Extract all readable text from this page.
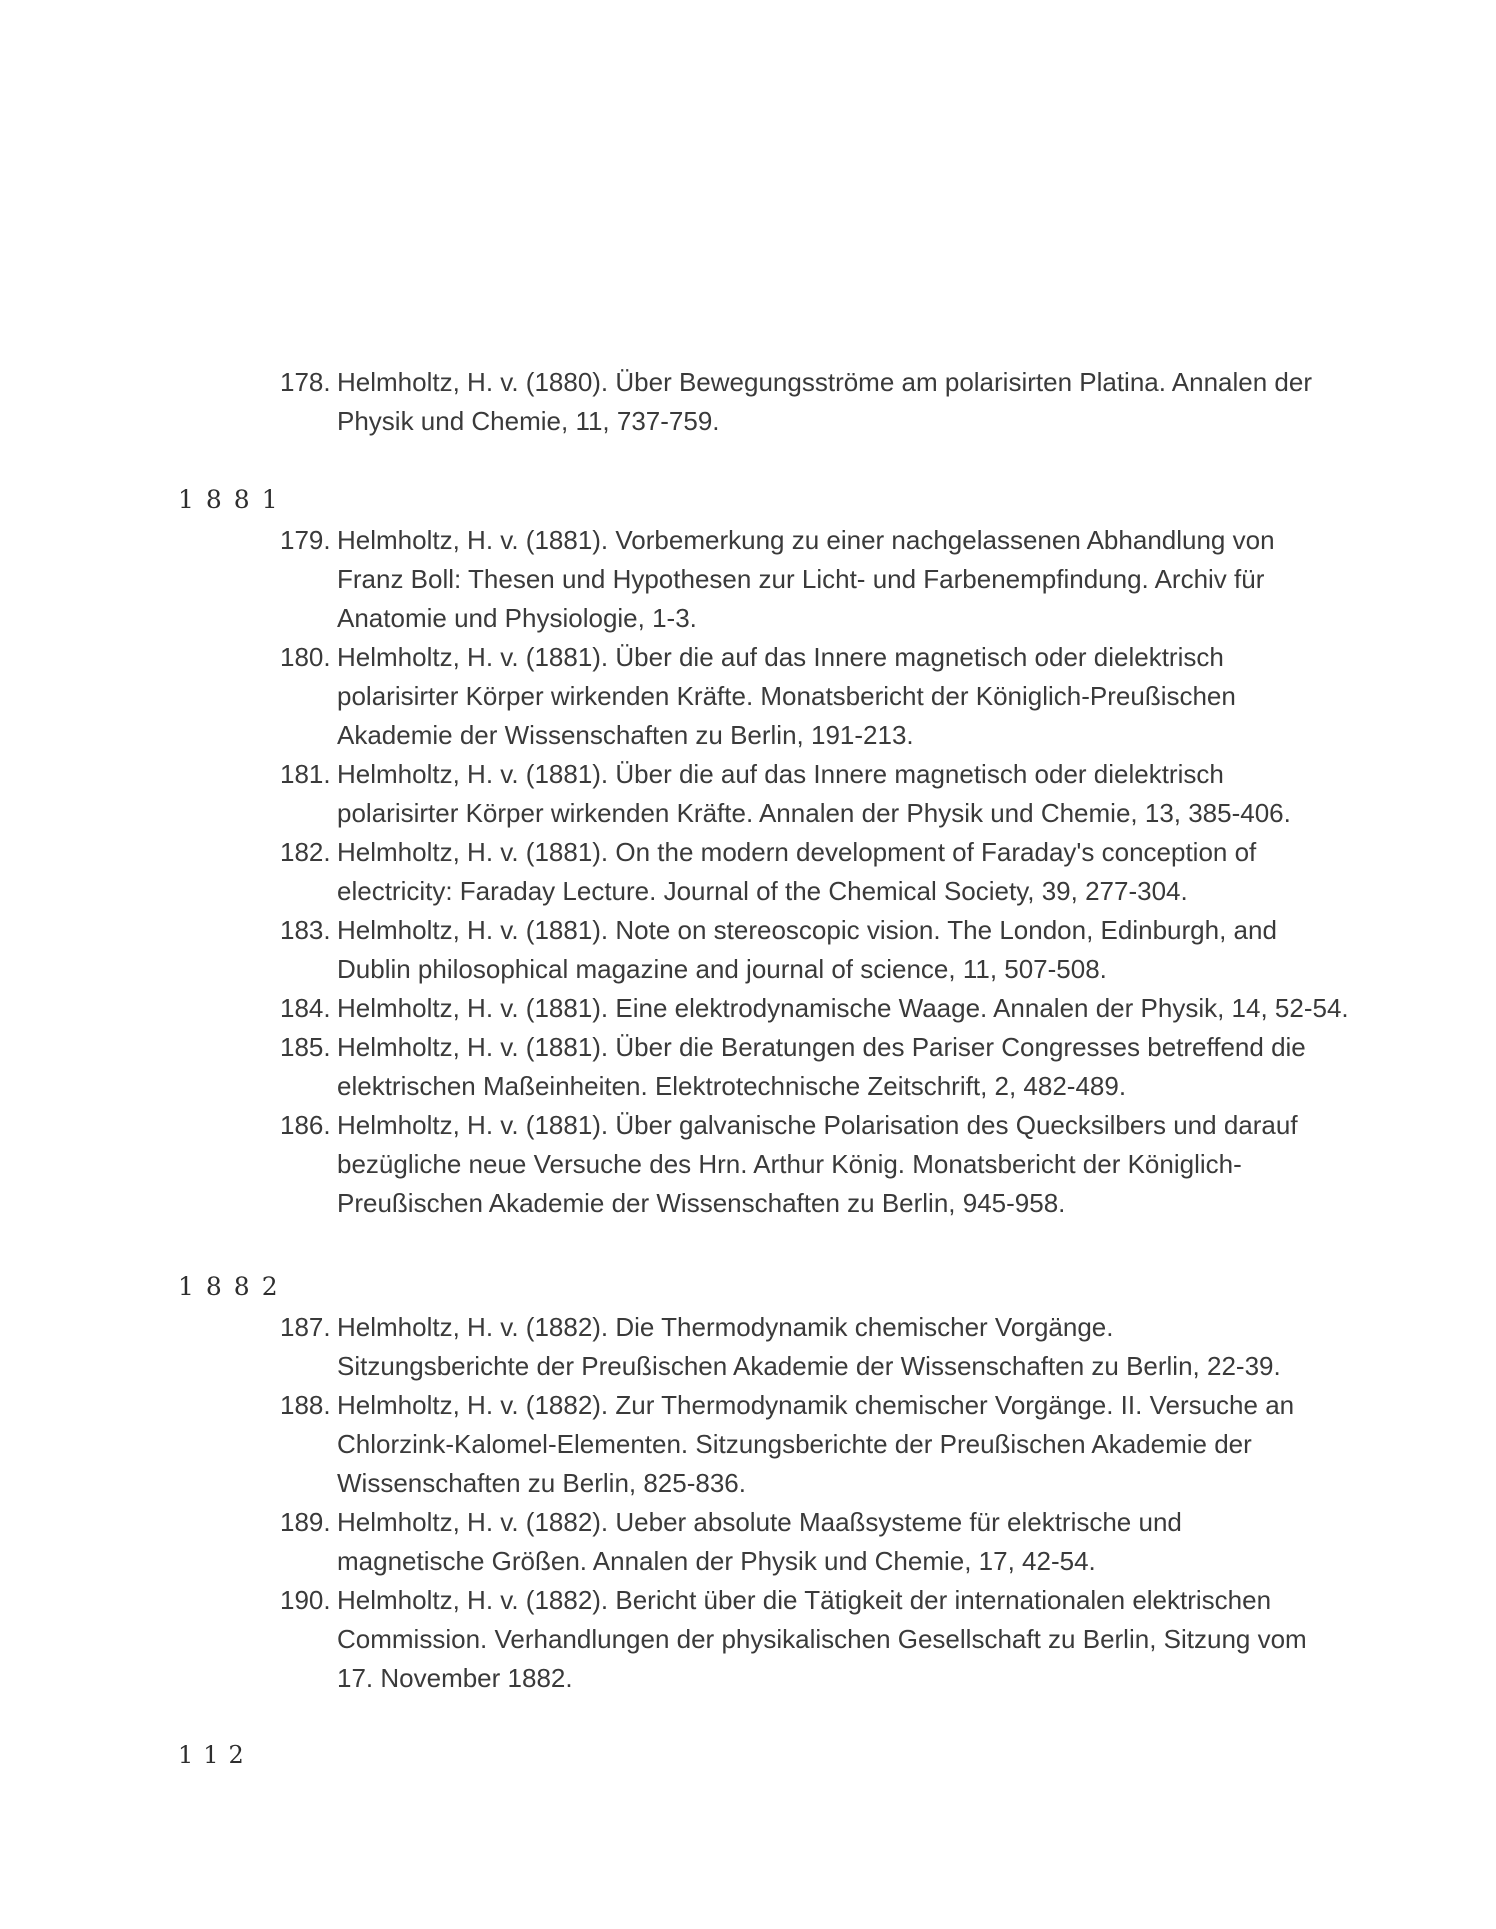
178. Helmholtz, H. v. (1880). Über Bewegungsströme am polarisirten Platina. Annalen der
Physik und Chemie, 11, 737-759.
1881
179. Helmholtz, H. v. (1881). Vorbemerkung zu einer nachgelassenen Abhandlung von
Franz Boll: Thesen und Hypothesen zur Licht- und Farbenempfindung. Archiv für
Anatomie und Physiologie, 1-3.
180. Helmholtz, H. v. (1881). Über die auf das Innere magnetisch oder dielektrisch
polarisirter Körper wirkenden Kräfte. Monatsbericht der Königlich-Preußischen
Akademie der Wissenschaften zu Berlin, 191-213.
181. Helmholtz, H. v. (1881). Über die auf das Innere magnetisch oder dielektrisch
polarisirter Körper wirkenden Kräfte. Annalen der Physik und Chemie, 13, 385-406.
182. Helmholtz, H. v. (1881). On the modern development of Faraday's conception of
electricity: Faraday Lecture. Journal of the Chemical Society, 39, 277-304.
183. Helmholtz, H. v. (1881). Note on stereoscopic vision. The London, Edinburgh, and
Dublin philosophical magazine and journal of science, 11, 507-508.
184. Helmholtz, H. v. (1881). Eine elektrodynamische Waage. Annalen der Physik, 14, 52-54.
185. Helmholtz, H. v. (1881). Über die Beratungen des Pariser Congresses betreffend die
elektrischen Maßeinheiten. Elektrotechnische Zeitschrift, 2, 482-489.
186. Helmholtz, H. v. (1881). Über galvanische Polarisation des Quecksilbers und darauf
bezügliche neue Versuche des Hrn. Arthur König. Monatsbericht der Königlich-
Preußischen Akademie der Wissenschaften zu Berlin, 945-958.
1882
187. Helmholtz, H. v. (1882). Die Thermodynamik chemischer Vorgänge.
Sitzungsberichte der Preußischen Akademie der Wissenschaften zu Berlin, 22-39.
188. Helmholtz, H. v. (1882). Zur Thermodynamik chemischer Vorgänge. II. Versuche an
Chlorzink-Kalomel-Elementen. Sitzungsberichte der Preußischen Akademie der
Wissenschaften zu Berlin, 825-836.
189. Helmholtz, H. v. (1882). Ueber absolute Maaßsysteme für elektrische und
magnetische Größen. Annalen der Physik und Chemie, 17, 42-54.
190. Helmholtz, H. v. (1882). Bericht über die Tätigkeit der internationalen elektrischen
Commission. Verhandlungen der physikalischen Gesellschaft zu Berlin, Sitzung vom
17. November 1882.
112
